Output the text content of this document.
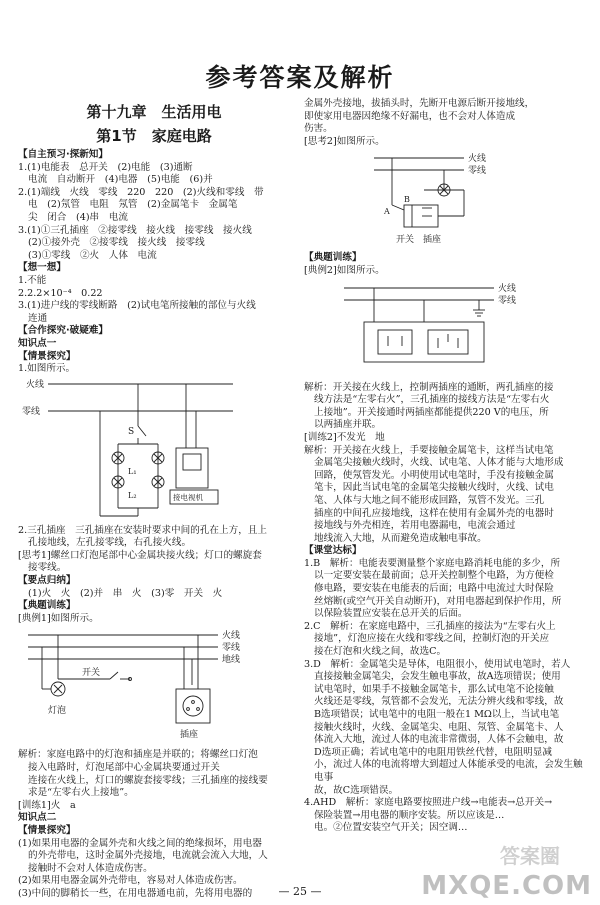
参考答案及解析
第十九章　生活用电
第1节　家庭电路
【自主预习·探新知】
1.(1)电能表　总开关　(2)电能　(3)通断
电流　自动断开　(4)电器　(5)电能　(6)并
2.(1)端线　火线　零线　220　220　(2)火线和零线　带
电　(2)氖管　电阻　氖管　(2)金属笔卡　金属笔
尖　闭合　(4)串　电流
3.(1)①三孔插座　②接零线　接火线　接零线　接火线
(2)①接外壳　②接零线　接火线　接零线
(3)①零线　②火　人体　电流
【想一想】
1.不能
2.2.2×10⁻⁴　0.22
3.(1)进户线的零线断路　(2)试电笔所接触的部位与火线
连通
【合作探究·破疑难】
知识点一
【情景探究】
1.如图所示。
火线
零线
S
L₁
L₂	接电视机
2.三孔插座　三孔插座在安装时要求中间的孔在上方，且上
孔接地线，左孔接零线，右孔接火线。
[思考1]螺丝口灯泡尾部中心金属块接火线；灯口的螺旋套
接零线。
【要点归纳】
(1)火　火　(2)并　串　火　(3)零　开关　火
【典题训练】
[典例1]如图所示。
火线
零线
地线
开关
灯泡
插座
解析：家庭电路中的灯泡和插座是并联的；将螺丝口灯泡
接入电路时，灯泡尾部中心金属块要通过开关
连接在火线上，灯口的螺旋套接零线；三孔插座的接线要
求是“左零右火上接地”。
[训练1]火　a
知识点二
【情景探究】
(1)如果用电器的金属外壳和火线之间的绝缘损坏，用电器
的外壳带电，这时金属外壳接地，电流就会流入大地，人
接触时不会对人体造成伤害。
(2)如果用电器金属外壳带电，容易对人体造成伤害。
(3)中间的脚稍长一些，在用电器通电前，先将用电器的
金属外壳接地，拔插头时，先断开电源后断开接地线，
即使家用电器因绝缘不好漏电，也不会对人体造成
伤害。
[思考2]如图所示。
火线
零线
A
B
开关　插座
【典题训练】
[典例2]如图所示。
火线
零线
解析：开关接在火线上，控制两插座的通断，两孔插座的接
线方法是“左零右火”，三孔插座的接线方法是“左零右火
上接地”。开关接通时两插座都能提供220 V的电压，所
以两插座并联。
[训练2]不发光　地
解析：开关接在火线上，手要接触金属笔卡，这样当试电笔
金属笔尖接触火线时，火线、试电笔、人体才能与大地形成
回路，使氖管发光。小明使用试电笔时，手没有接触金属
笔卡，因此当试电笔的金属笔尖接触火线时，火线、试电
笔、人体与大地之间不能形成回路，氖管不发光。三孔
插座的中间孔应接地线，这样在使用有金属外壳的电器时
接地线与外壳相连，若用电器漏电，电流会通过
地线流入大地，从而避免造成触电事故。
【课堂达标】
1.B　解析：电能表要测量整个家庭电路消耗电能的多少，所
以一定要安装在最前面；总开关控制整个电路，为方便检
修电路，要安装在电能表的后面；电路中电流过大时保险
丝熔断(或空气开关自动断开)，对用电器起到保护作用，所
以保险装置应安装在总开关的后面。
2.C　解析：在家庭电路中，三孔插座的接法为“左零右火上
接地”，灯泡应接在火线和零线之间，控制灯泡的开关应
接在灯泡和火线之间，故选C。
3.D　解析：金属笔尖是导体，电阻很小，使用试电笔时，若人
直接接触金属笔尖，会发生触电事故，故A选项错误；使用
试电笔时，如果手不接触金属笔卡，那么试电笔不论接触
火线还是零线，氖管都不会发光，无法分辨火线和零线，故
B选项错误；试电笔中的电阻一般在1 MΩ以上，当试电笔
接触火线时，火线、金属笔尖、电阻、氖管、金属笔卡、人
体流入大地，流过人体的电流非常微弱，人体不会触电，故
D选项正确；若试电笔中的电阻用铁丝代替，电阻明显减
小，流过人体的电流将增大到超过人体能承受的电流，会发生触电事
故，故C选项错误。
4.AHD　解析：家庭电路要按照进户线→电能表→总开关→
保险装置→用电器的顺序安装。所以应该是…
电。②位置安装空气开关；因空调…
— 25 —
答案圈
MXQE.COM
